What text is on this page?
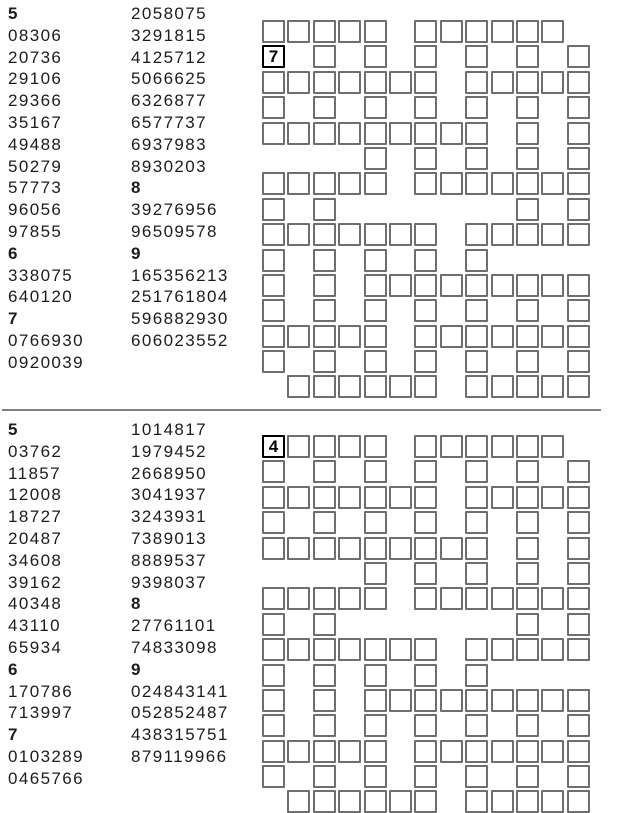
5
08306
20736
29106
29366
35167
49488
50279
57773
96056
97855
6
338075
640120
7
0766930
0920039
2058075
3291815
4125712
5066625
6326877
6577737
6937983
8930203
8
39276956
96509578
9
165356213
251761804
596882930
606023552
7
5
03762
11857
12008
18727
20487
34608
39162
40348
43110
65934
6
170786
713997
7
0103289
0465766
1014817
1979452
2668950
3041937
3243931
7389013
8889537
9398037
8
27761101
74833098
9
024843141
052852487
438315751
879119966
4
